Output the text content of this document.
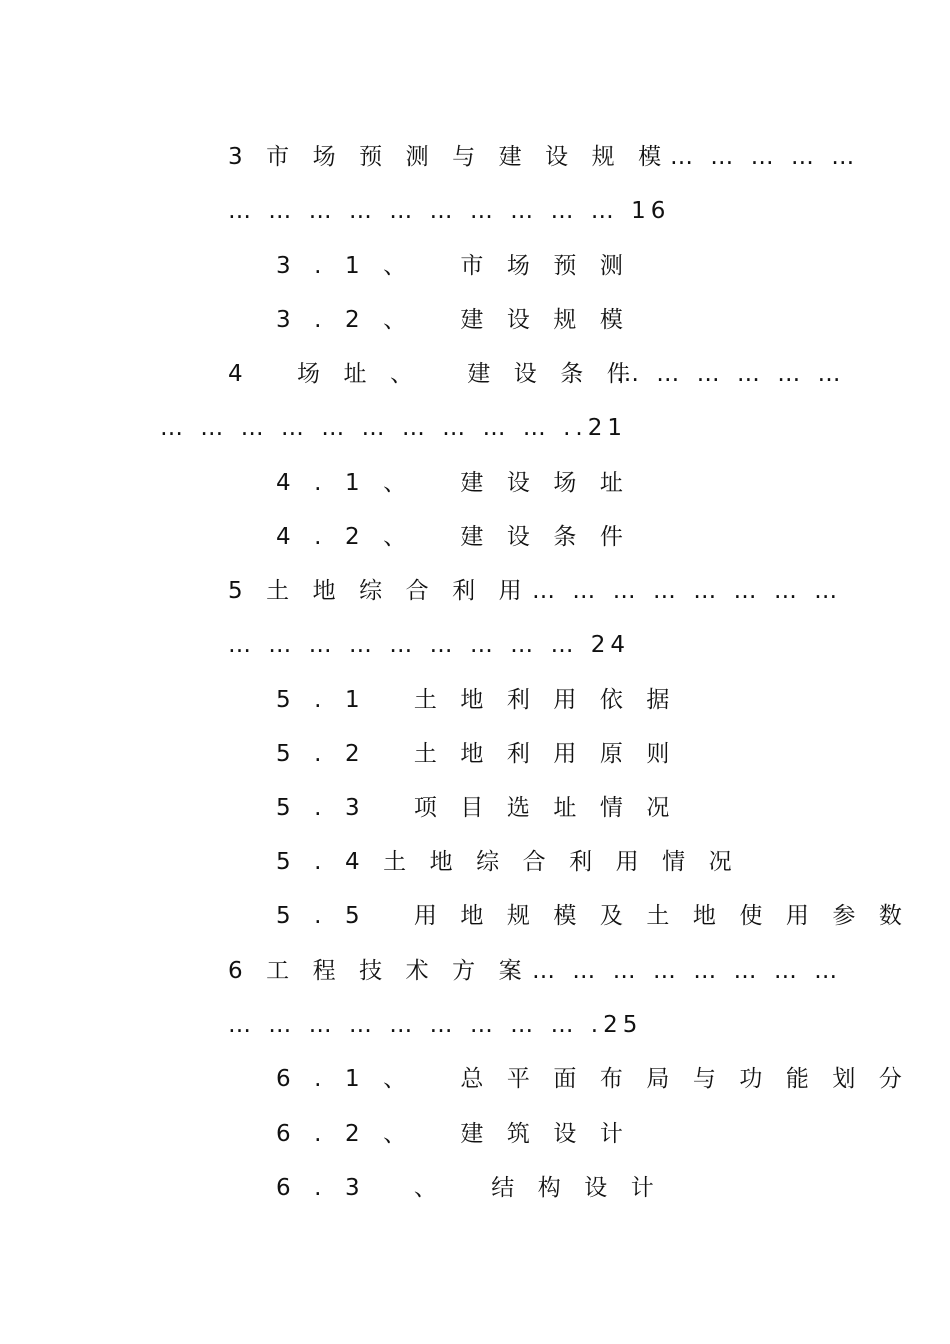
3市场预测与建设规模
… … … … …
… … … … … … … … … … 16
3.1、 市场预测
3.2、 建设规模
4 场址、 建设条件
… … … … … …
… … … … … … … … … … ..21
4.1、 建设场址
4.2、 建设条件
5土地综合利用
… … … … … … … …
… … … … … … … … … 24
5.1 土地利用依据
5.2 土地利用原则
5.3 项目选址情况
5.4土地综合利用情况
5.5 用地规模及土地使用参数
6工程技术方案
… … … … … … … …
… … … … … … … … … .25
6.1、 总平面布局与功能划分
6.2、 建筑设计
6.3 、 结构设计
